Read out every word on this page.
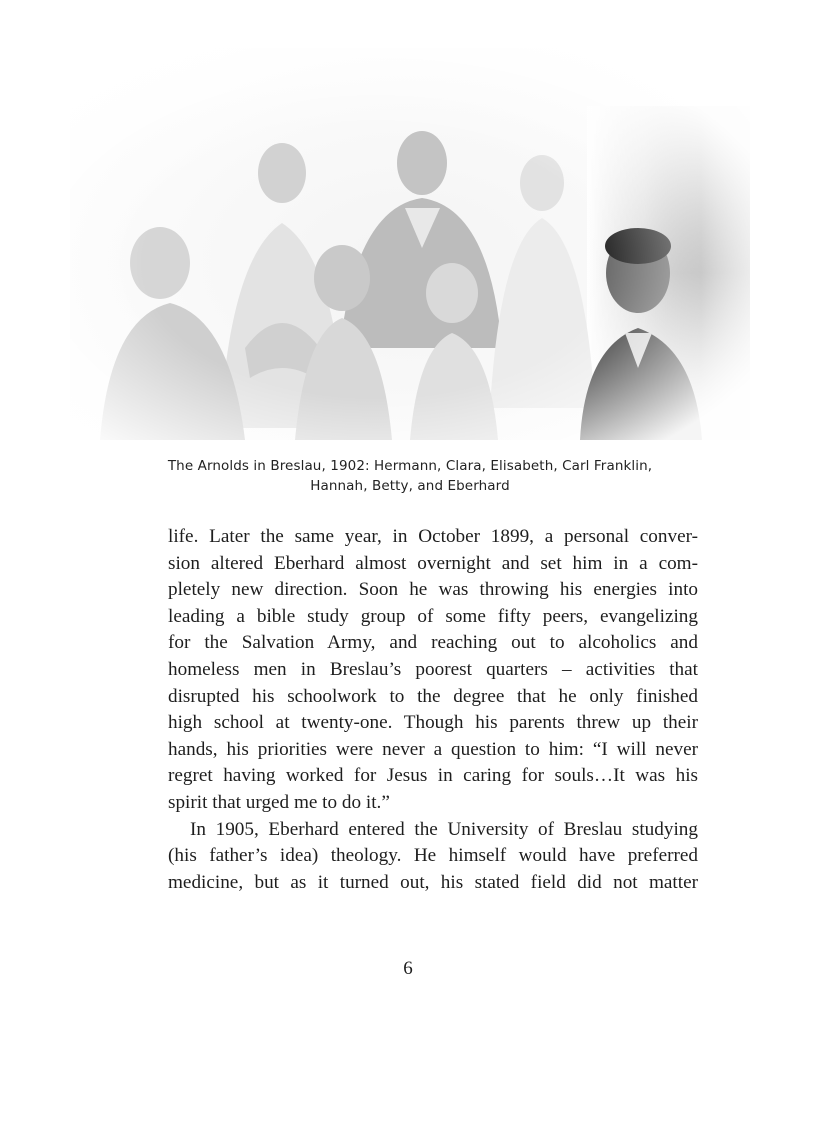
The Arnolds in Breslau, 1902: Hermann, Clara, Elisabeth, Carl Franklin,
Hannah, Betty, and Eberhard
life. Later the same year, in October 1899, a personal conver-
sion altered Eberhard almost overnight and set him in a com-
pletely new direction. Soon he was throwing his energies into
leading a bible study group of some fifty peers, evangelizing
for the Salvation Army, and reaching out to alcoholics and
homeless men in Breslau’s poorest quarters – activities that
disrupted his schoolwork to the degree that he only finished
high school at twenty-one. Though his parents threw up their
hands, his priorities were never a question to him: “I will never
regret having worked for Jesus in caring for souls…It was his
spirit that urged me to do it.”
In 1905, Eberhard entered the University of Breslau studying
(his father’s idea) theology. He himself would have preferred
medicine, but as it turned out, his stated field did not matter
6
